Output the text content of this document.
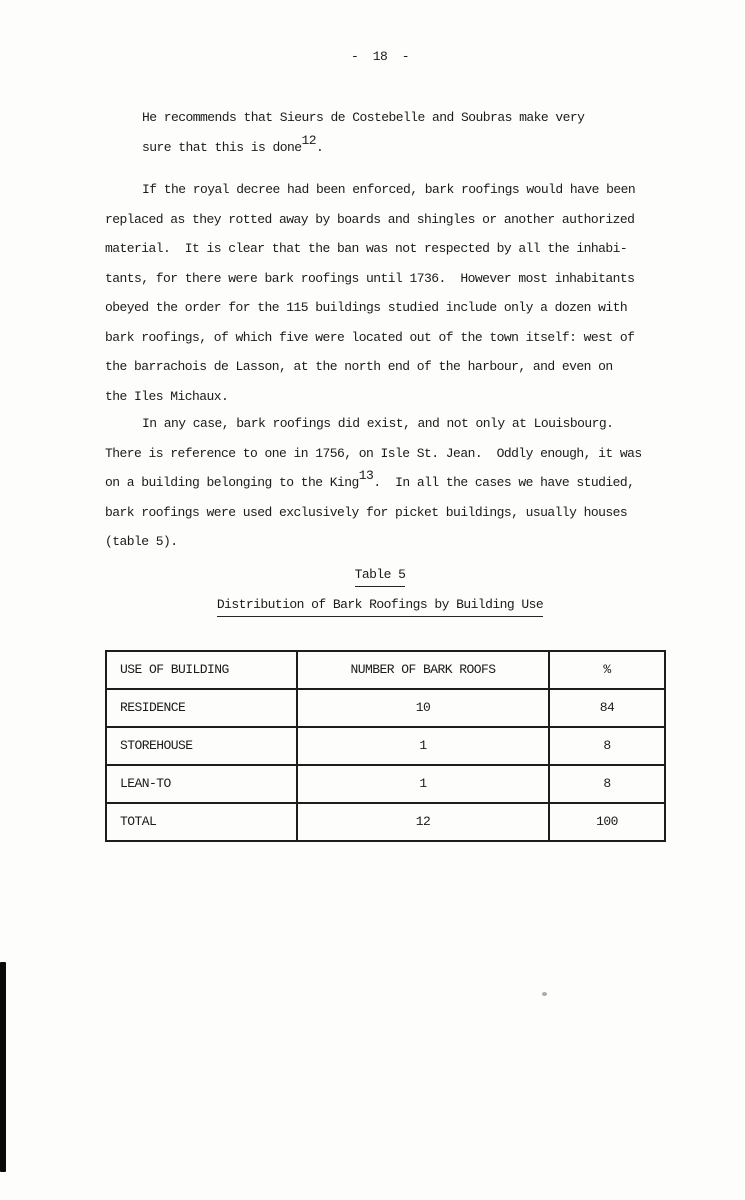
-  18  -
He recommends that Sieurs de Costebelle and Soubras make very
sure that this is done12.
If the royal decree had been enforced, bark roofings would have been
replaced as they rotted away by boards and shingles or another authorized
material.  It is clear that the ban was not respected by all the inhabi-
tants, for there were bark roofings until 1736.  However most inhabitants
obeyed the order for the 115 buildings studied include only a dozen with
bark roofings, of which five were located out of the town itself: west of
the barrachois de Lasson, at the north end of the harbour, and even on
the Iles Michaux.
In any case, bark roofings did exist, and not only at Louisbourg.
There is reference to one in 1756, on Isle St. Jean.  Oddly enough, it was
on a building belonging to the King13.  In all the cases we have studied,
bark roofings were used exclusively for picket buildings, usually houses
(table 5).
Table 5
Distribution of Bark Roofings by Building Use
USE OF BUILDING	NUMBER OF BARK ROOFS	%
RESIDENCE	10	84
STOREHOUSE	1	8
LEAN-TO	1	8
TOTAL	12	100
